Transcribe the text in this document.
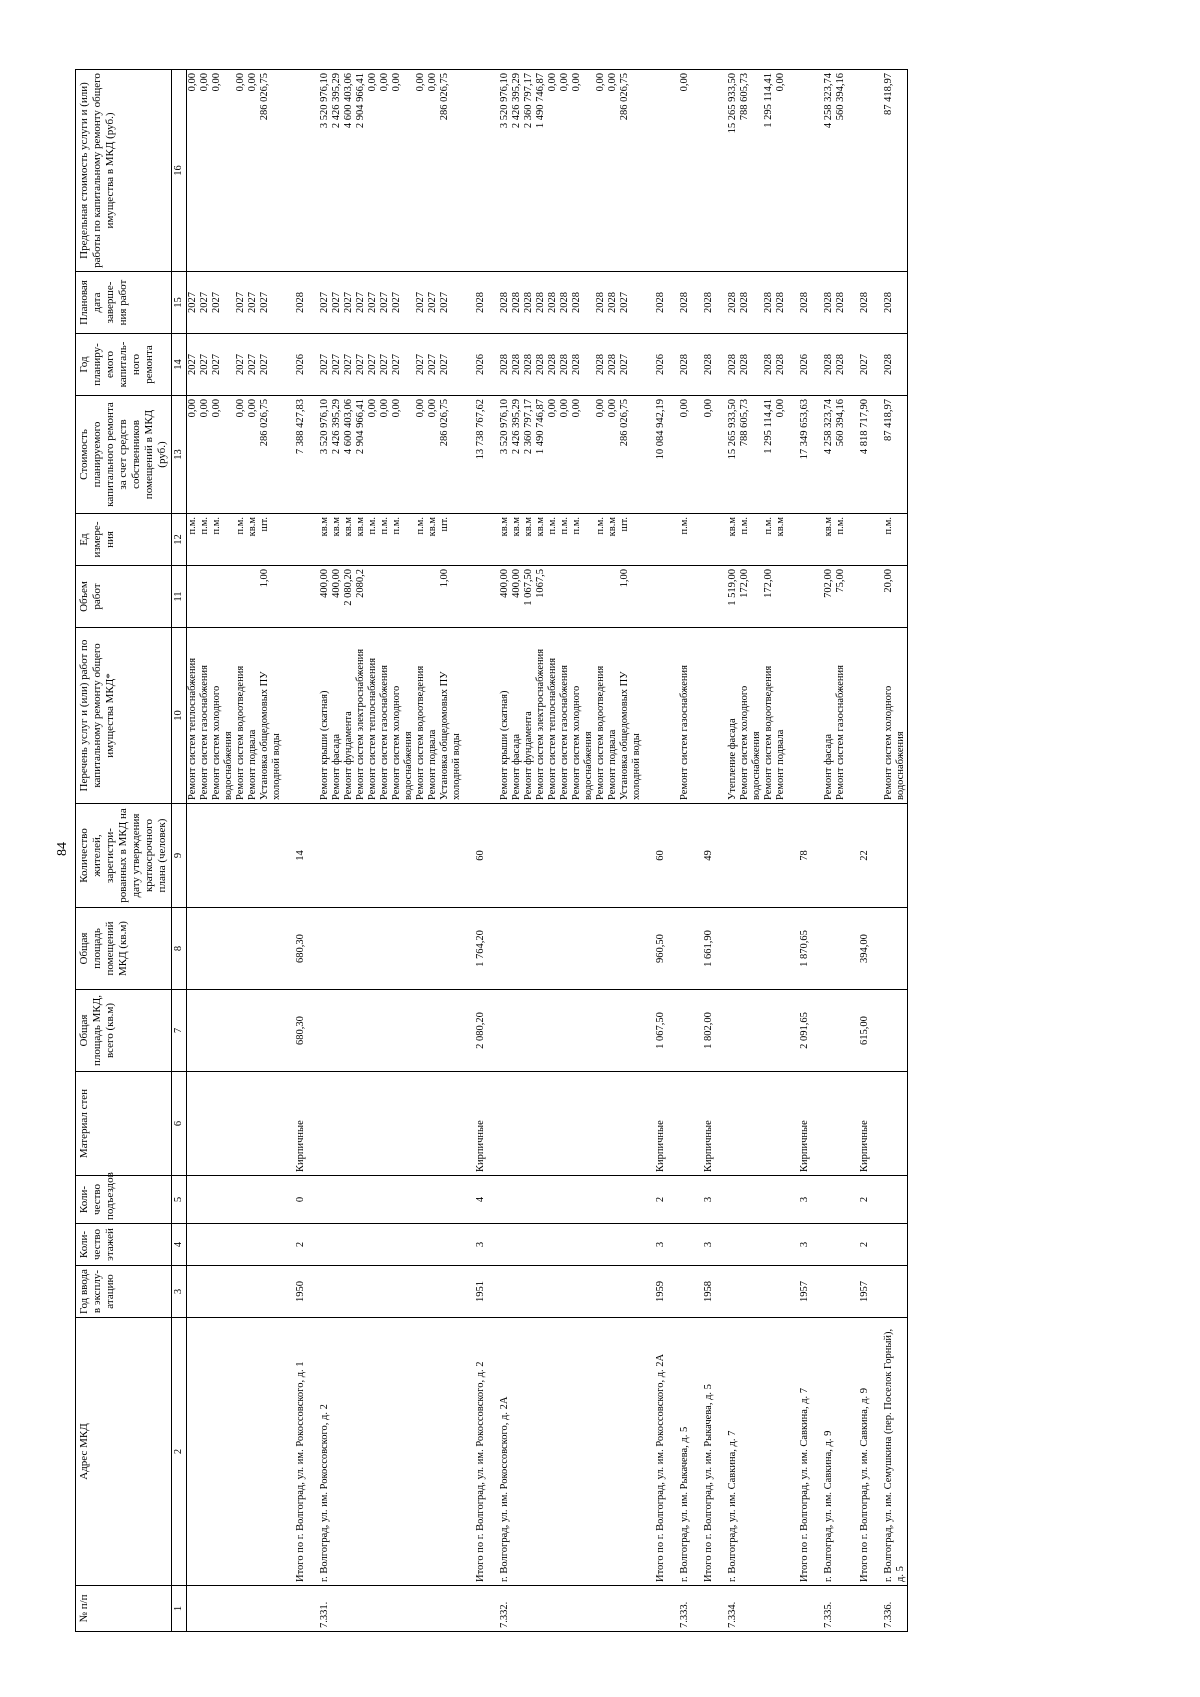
84
№ п/п	Адрес МКД	Год ввода в эксплу-атацию	Коли-чество этажей	Коли-чество подъездов	Материал стен	Общая площадь МКД, всего (кв.м)	Общая площадь помещений МКД (кв.м)	Количество жителей, зарегистри-рованных в МКД на дату утверждения краткосрочного плана (человек)	Перечень услуг и (или) работ по капитальному ремонту общего имущества МКД*	Объем работ	Ед измере-ния	Стоимость планируемого капитального ремонта за счет средств собственников помещений в МКД (руб.)	Год планиру-емого капиталь-ного ремонта	Плановая дата заверше-ния работ	Предельная стоимость услуги и (или) работы по капитальному ремонту общего имущества в МКД (руб.)
1	2	3	4	5	6	7	8	9	10	11	12	13	14	15	16
									Ремонт систем теплоснабжения		п.м.	0,00	2027	2027	0,00
									Ремонт систем газоснабжения		п.м.	0,00	2027	2027	0,00
									Ремонт систем холодного водоснабжения		п.м.	0,00	2027	2027	0,00
									Ремонт систем водоотведения		п.м.	0,00	2027	2027	0,00
									Ремонт подвала		кв.м	0,00	2027	2027	0,00
									Установка общедомовых ПУ холодной воды	1,00	шт.	286 026,75	2027	2027	286 026,75

	Итого по г. Волгоград, ул. им. Рокоссовского, д. 1	1950	2	0	Кирпичные	680,30	680,30	14				7 388 427,83	2026	2028	

7.331.	г. Волгоград, ул. им. Рокоссовского, д. 2								Ремонт крыши (скатная)	400,00	кв.м	3 520 976,10	2027	2027	3 520 976,10
									Ремонт фасада	400,00	кв.м	2 426 395,29	2027	2027	2 426 395,29
									Ремонт фундамента	2 080,20	кв.м	4 600 403,06	2027	2027	4 600 403,06
									Ремонт систем электроснабжения	2080,2	кв.м	2 904 966,41	2027	2027	2 904 966,41
									Ремонт систем теплоснабжения		п.м.	0,00	2027	2027	0,00
									Ремонт систем газоснабжения		п.м.	0,00	2027	2027	0,00
									Ремонт систем холодного водоснабжения		п.м.	0,00	2027	2027	0,00
									Ремонт систем водоотведения		п.м.	0,00	2027	2027	0,00
									Ремонт подвала		кв.м	0,00	2027	2027	0,00
									Установка общедомовых ПУ холодной воды	1,00	шт.	286 026,75	2027	2027	286 026,75

	Итого по г. Волгоград, ул. им. Рокоссовского, д. 2	1951	3	4	Кирпичные	2 080,20	1 764,20	60				13 738 767,62	2026	2028	

7.332.	г. Волгоград, ул. им. Рокоссовского, д. 2А								Ремонт крыши (скатная)	400,00	кв.м	3 520 976,10	2028	2028	3 520 976,10
									Ремонт фасада	400,00	кв.м	2 426 395,29	2028	2028	2 426 395,29
									Ремонт фундамента	1 067,50	кв.м	2 360 797,17	2028	2028	2 360 797,17
									Ремонт систем электроснабжения	1067,5	кв.м	1 490 746,87	2028	2028	1 490 746,87
									Ремонт систем теплоснабжения		п.м.	0,00	2028	2028	0,00
									Ремонт систем газоснабжения		п.м.	0,00	2028	2028	0,00
									Ремонт систем холодного водоснабжения		п.м.	0,00	2028	2028	0,00
									Ремонт систем водоотведения		п.м.	0,00	2028	2028	0,00
									Ремонт подвала		кв.м	0,00	2028	2028	0,00
									Установка общедомовых ПУ холодной воды	1,00	шт.	286 026,75	2027	2027	286 026,75

	Итого по г. Волгоград, ул. им. Рокоссовского, д. 2А	1959	3	2	Кирпичные	1 067,50	960,50	60				10 084 942,19	2026	2028	

7.333.	г. Волгоград, ул. им. Рыкачева, д. 5								Ремонт систем газоснабжения		п.м.	0,00	2028	2028	0,00

	Итого по г. Волгоград, ул. им. Рыкачева, д. 5	1958	3	3	Кирпичные	1 802,00	1 661,90	49				0,00	2028	2028	

7.334.	г. Волгоград, ул. им. Савкина, д. 7								Утепление фасада	1 519,00	кв.м	15 265 933,50	2028	2028	15 265 933,50
									Ремонт систем холодного водоснабжения	172,00	п.м.	788 605,73	2028	2028	788 605,73
									Ремонт систем водоотведения	172,00	п.м.	1 295 114,41	2028	2028	1 295 114,41
									Ремонт подвала		кв.м	0,00	2028	2028	0,00

	Итого по г. Волгоград, ул. им. Савкина, д. 7	1957	3	3	Кирпичные	2 091,65	1 870,65	78				17 349 653,63	2026	2028	

7.335.	г. Волгоград, ул. им. Савкина, д. 9								Ремонт фасада	702,00	кв.м	4 258 323,74	2028	2028	4 258 323,74
									Ремонт систем газоснабжения	75,00	п.м.	560 394,16	2028	2028	560 394,16

	Итого по г. Волгоград, ул. им. Савкина, д. 9	1957	2	2	Кирпичные	615,00	394,00	22				4 818 717,90	2027	2028	

7.336.	г. Волгоград, ул. им. Семушкина (пер. Поселок Горный), д. 5								Ремонт систем холодного водоснабжения	20,00	п.м.	87 418,97	2028	2028	87 418,97
